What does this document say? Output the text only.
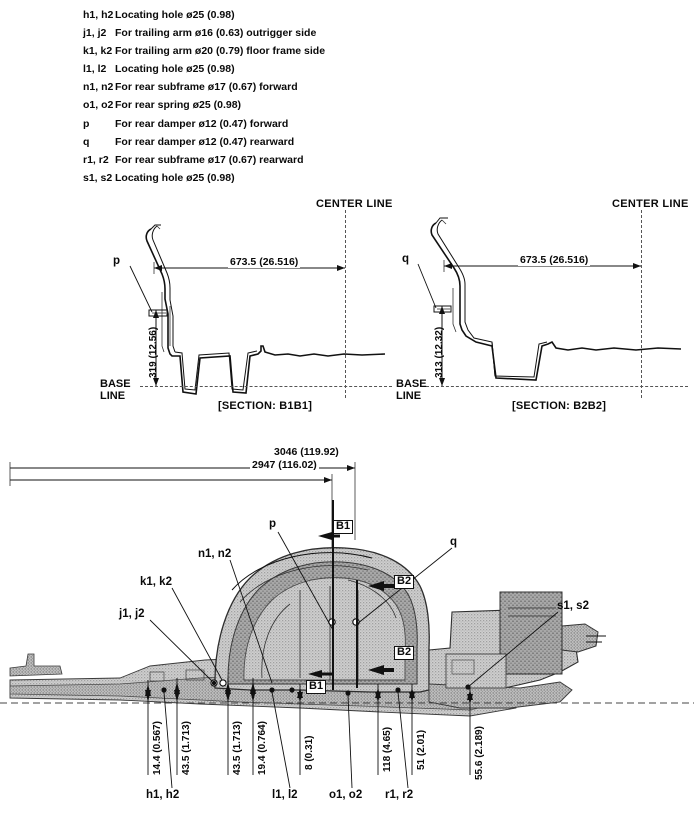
h1, h2 Locating hole ø25 (0.98)
j1, j2 For trailing arm ø16 (0.63) outrigger side
k1, k2 For trailing arm ø20 (0.79) floor frame side
l1, l2 Locating hole ø25 (0.98)
n1, n2 For rear subframe ø17 (0.67) forward
o1, o2 For rear spring ø25 (0.98)
p	For rear damper ø12 (0.47) forward
q	For rear damper ø12 (0.47) rearward
r1, r2 For rear subframe ø17 (0.67) rearward
s1, s2 Locating hole ø25 (0.98)
CENTER LINE
BASE
LINE
673.5 (26.516)
319 (12.56)
p
[SECTION: B1B1]
CENTER LINE
BASE
LINE
673.5 (26.516)
313 (12.32)
q
[SECTION: B2B2]
3046 (119.92)
2947 (116.02)
B1
B2
B2
B1
p
q
n1, n2
k1, k2
j1, j2
s1, s2
14.4 (0.567) 43.5 (1.713)	43.5 (1.713) 19.4 (0.764)	8 (0.31)	118 (4.65) 51 (2.01)	55.6 (2.189)
h1, h2	l1, l2	o1, o2 r1, r2
